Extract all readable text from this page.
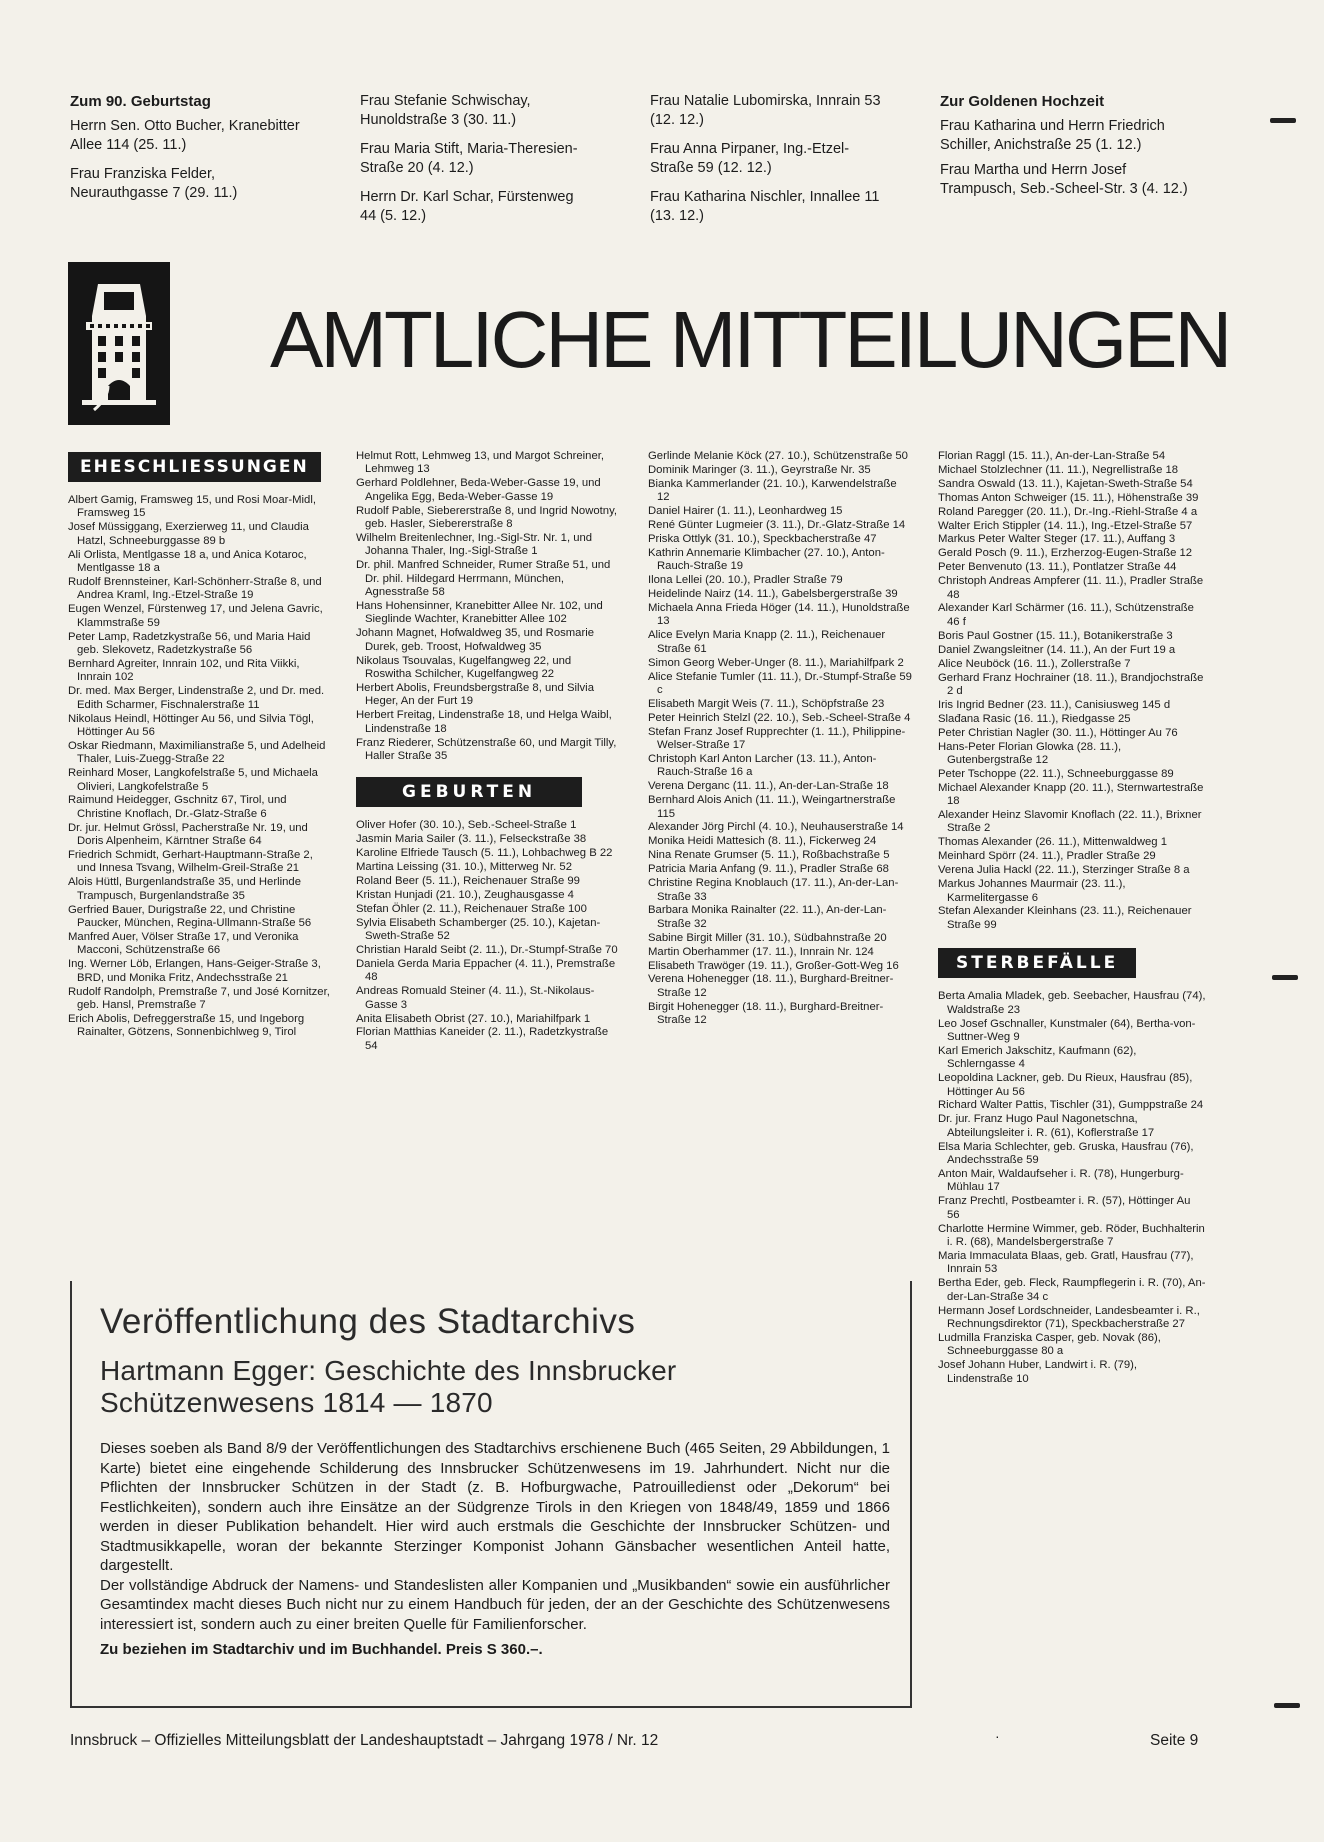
Zum 90. Geburtstag
Herrn Sen. Otto Bucher, Kranebitter Allee 114 (25. 11.)
Frau Franziska Felder, Neurauthgasse 7 (29. 11.)
Frau Stefanie Schwischay, Hunoldstraße 3 (30. 11.)
Frau Maria Stift, Maria-Theresien-Straße 20 (4. 12.)
Herrn Dr. Karl Schar, Fürstenweg 44 (5. 12.)
Frau Natalie Lubomirska, Innrain 53 (12. 12.)
Frau Anna Pirpaner, Ing.-Etzel-Straße 59 (12. 12.)
Frau Katharina Nischler, Innallee 11 (13. 12.)
Zur Goldenen Hochzeit
Frau Katharina und Herrn Friedrich Schiller, Anichstraße 25 (1. 12.)
Frau Martha und Herrn Josef Trampusch, Seb.-Scheel-Str. 3 (4. 12.)
AMTLICHE MITTEILUNGEN
EHESCHLIESSUNGEN

Albert Gamig, Framsweg 15, und Rosi Moar-Midl, Framsweg 15

Josef Müssiggang, Exerzierweg 11, und Claudia Hatzl, Schneeburggasse 89 b

Ali Orlista, Mentlgasse 18 a, und Anica Kotaroc, Mentlgasse 18 a

Rudolf Brennsteiner, Karl-Schönherr-Straße 8, und Andrea Kraml, Ing.-Etzel-Straße 19

Eugen Wenzel, Fürstenweg 17, und Jelena Gavric, Klammstraße 59

Peter Lamp, Radetzkystraße 56, und Maria Haid geb. Slekovetz, Radetzkystraße 56

Bernhard Agreiter, Innrain 102, und Rita Viikki, Innrain 102

Dr. med. Max Berger, Lindenstraße 2, und Dr. med. Edith Scharmer, Fischnalerstraße 11

Nikolaus Heindl, Höttinger Au 56, und Silvia Tögl, Höttinger Au 56

Oskar Riedmann, Maximilianstraße 5, und Adelheid Thaler, Luis-Zuegg-Straße 22

Reinhard Moser, Langkofelstraße 5, und Michaela Olivieri, Langkofelstraße 5

Raimund Heidegger, Gschnitz 67, Tirol, und Christine Knoflach, Dr.-Glatz-Straße 6

Dr. jur. Helmut Grössl, Pacherstraße Nr. 19, und Doris Alpenheim, Kärntner Straße 64

Friedrich Schmidt, Gerhart-Hauptmann-Straße 2, und Innesa Tsvang, Wilhelm-Greil-Straße 21

Alois Hüttl, Burgenlandstraße 35, und Herlinde Trampusch, Burgenlandstraße 35

Gerfried Bauer, Durigstraße 22, und Christine Paucker, München, Regina-Ullmann-Straße 56

Manfred Auer, Völser Straße 17, und Veronika Macconi, Schützenstraße 66

Ing. Werner Löb, Erlangen, Hans-Geiger-Straße 3, BRD, und Monika Fritz, Andechsstraße 21

Rudolf Randolph, Premstraße 7, und José Kornitzer, geb. Hansl, Premstraße 7

Erich Abolis, Defreggerstraße 15, und Ingeborg Rainalter, Götzens, Sonnenbichlweg 9, Tirol

Helmut Rott, Lehmweg 13, und Margot Schreiner, Lehmweg 13

Gerhard Poldlehner, Beda-Weber-Gasse 19, und Angelika Egg, Beda-Weber-Gasse 19

Rudolf Pable, Siebererstraße 8, und Ingrid Nowotny, geb. Hasler, Siebererstraße 8

Wilhelm Breitenlechner, Ing.-Sigl-Str. Nr. 1, und Johanna Thaler, Ing.-Sigl-Straße 1

Dr. phil. Manfred Schneider, Rumer Straße 51, und Dr. phil. Hildegard Herrmann, München, Agnesstraße 58

Hans Hohensinner, Kranebitter Allee Nr. 102, und Sieglinde Wachter, Kranebitter Allee 102

Johann Magnet, Hofwaldweg 35, und Rosmarie Durek, geb. Troost, Hofwaldweg 35

Nikolaus Tsouvalas, Kugelfangweg 22, und Roswitha Schilcher, Kugelfangweg 22

Herbert Abolis, Freundsbergstraße 8, und Silvia Heger, An der Furt 19

Herbert Freitag, Lindenstraße 18, und Helga Waibl, Lindenstraße 18

Franz Riederer, Schützenstraße 60, und Margit Tilly, Haller Straße 35

GEBURTEN

Oliver Hofer (30. 10.), Seb.-Scheel-Straße 1

Jasmin Maria Sailer (3. 11.), Felseckstraße 38

Karoline Elfriede Tausch (5. 11.), Lohbachweg B 22

Martina Leissing (31. 10.), Mitterweg Nr. 52

Roland Beer (5. 11.), Reichenauer Straße 99

Kristan Hunjadi (21. 10.), Zeughausgasse 4

Stefan Öhler (2. 11.), Reichenauer Straße 100

Sylvia Elisabeth Schamberger (25. 10.), Kajetan-Sweth-Straße 52

Christian Harald Seibt (2. 11.), Dr.-Stumpf-Straße 70

Daniela Gerda Maria Eppacher (4. 11.), Premstraße 48

Andreas Romuald Steiner (4. 11.), St.-Nikolaus-Gasse 3

Anita Elisabeth Obrist (27. 10.), Mariahilfpark 1

Florian Matthias Kaneider (2. 11.), Radetzkystraße 54

Gerlinde Melanie Köck (27. 10.), Schützenstraße 50

Dominik Maringer (3. 11.), Geyrstraße Nr. 35

Bianka Kammerlander (21. 10.), Karwendelstraße 12

Daniel Hairer (1. 11.), Leonhardweg 15

René Günter Lugmeier (3. 11.), Dr.-Glatz-Straße 14

Priska Ottlyk (31. 10.), Speckbacherstraße 47

Kathrin Annemarie Klimbacher (27. 10.), Anton-Rauch-Straße 19

Ilona Lellei (20. 10.), Pradler Straße 79

Heidelinde Nairz (14. 11.), Gabelsbergerstraße 39

Michaela Anna Frieda Höger (14. 11.), Hunoldstraße 13

Alice Evelyn Maria Knapp (2. 11.), Reichenauer Straße 61

Simon Georg Weber-Unger (8. 11.), Mariahilfpark 2

Alice Stefanie Tumler (11. 11.), Dr.-Stumpf-Straße 59 c

Elisabeth Margit Weis (7. 11.), Schöpfstraße 23

Peter Heinrich Stelzl (22. 10.), Seb.-Scheel-Straße 4

Stefan Franz Josef Rupprechter (1. 11.), Philippine-Welser-Straße 17

Christoph Karl Anton Larcher (13. 11.), Anton-Rauch-Straße 16 a

Verena Derganc (11. 11.), An-der-Lan-Straße 18

Bernhard Alois Anich (11. 11.), Weingartnerstraße 115

Alexander Jörg Pirchl (4. 10.), Neuhauserstraße 14

Monika Heidi Mattesich (8. 11.), Fickerweg 24

Nina Renate Grumser (5. 11.), Roßbachstraße 5

Patricia Maria Anfang (9. 11.), Pradler Straße 68

Christine Regina Knoblauch (17. 11.), An-der-Lan-Straße 33

Barbara Monika Rainalter (22. 11.), An-der-Lan-Straße 32

Sabine Birgit Miller (31. 10.), Südbahnstraße 20

Martin Oberhammer (17. 11.), Innrain Nr. 124

Elisabeth Trawöger (19. 11.), Großer-Gott-Weg 16

Verena Hohenegger (18. 11.), Burghard-Breitner-Straße 12

Birgit Hohenegger (18. 11.), Burghard-Breitner-Straße 12

Florian Raggl (15. 11.), An-der-Lan-Straße 54

Michael Stolzlechner (11. 11.), Negrellistraße 18

Sandra Oswald (13. 11.), Kajetan-Sweth-Straße 54

Thomas Anton Schweiger (15. 11.), Höhenstraße 39

Roland Paregger (20. 11.), Dr.-Ing.-Riehl-Straße 4 a

Walter Erich Stippler (14. 11.), Ing.-Etzel-Straße 57

Markus Peter Walter Steger (17. 11.), Auffang 3

Gerald Posch (9. 11.), Erzherzog-Eugen-Straße 12

Peter Benvenuto (13. 11.), Pontlatzer Straße 44

Christoph Andreas Ampferer (11. 11.), Pradler Straße 48

Alexander Karl Schärmer (16. 11.), Schützenstraße 46 f

Boris Paul Gostner (15. 11.), Botanikerstraße 3

Daniel Zwangsleitner (14. 11.), An der Furt 19 a

Alice Neuböck (16. 11.), Zollerstraße 7

Gerhard Franz Hochrainer (18. 11.), Brandjochstraße 2 d

Iris Ingrid Bedner (23. 11.), Canisiusweg 145 d

Slađana Rasic (16. 11.), Riedgasse 25

Peter Christian Nagler (30. 11.), Höttinger Au 76

Hans-Peter Florian Glowka (28. 11.), Gutenbergstraße 12

Peter Tschoppe (22. 11.), Schneeburggasse 89

Michael Alexander Knapp (20. 11.), Sternwartestraße 18

Alexander Heinz Slavomir Knoflach (22. 11.), Brixner Straße 2

Thomas Alexander (26. 11.), Mittenwaldweg 1

Meinhard Spörr (24. 11.), Pradler Straße 29

Verena Julia Hackl (22. 11.), Sterzinger Straße 8 a

Markus Johannes Maurmair (23. 11.), Karmelitergasse 6

Stefan Alexander Kleinhans (23. 11.), Reichenauer Straße 99

STERBEFÄLLE

Berta Amalia Mladek, geb. Seebacher, Hausfrau (74), Waldstraße 23

Leo Josef Gschnaller, Kunstmaler (64), Bertha-von-Suttner-Weg 9

Karl Emerich Jakschitz, Kaufmann (62), Schlerngasse 4

Leopoldina Lackner, geb. Du Rieux, Hausfrau (85), Höttinger Au 56

Richard Walter Pattis, Tischler (31), Gumppstraße 24

Dr. jur. Franz Hugo Paul Nagonetschna, Abteilungsleiter i. R. (61), Koflerstraße 17

Elsa Maria Schlechter, geb. Gruska, Hausfrau (76), Andechsstraße 59

Anton Mair, Waldaufseher i. R. (78), Hungerburg-Mühlau 17

Franz Prechtl, Postbeamter i. R. (57), Höttinger Au 56

Charlotte Hermine Wimmer, geb. Röder, Buchhalterin i. R. (68), Mandelsbergerstraße 7

Maria Immaculata Blaas, geb. Gratl, Hausfrau (77), Innrain 53

Bertha Eder, geb. Fleck, Raumpflegerin i. R. (70), An-der-Lan-Straße 34 c

Hermann Josef Lordschneider, Landesbeamter i. R., Rechnungsdirektor (71), Speckbacherstraße 27

Ludmilla Franziska Casper, geb. Novak (86), Schneeburggasse 80 a

Josef Johann Huber, Landwirt i. R. (79), Lindenstraße 10

Veröffentlichung des Stadtarchivs
Hartmann Egger: Geschichte des Innsbrucker Schützenwesens 1814 — 1870

Dieses soeben als Band 8/9 der Veröffentlichungen des Stadtarchivs erschienene Buch (465 Seiten, 29 Abbildungen, 1 Karte) bietet eine eingehende Schilderung des Innsbrucker Schützenwesens im 19. Jahrhundert. Nicht nur die Pflichten der Innsbrucker Schützen in der Stadt (z. B. Hofburgwache, Patrouilledienst oder „Dekorum“ bei Festlichkeiten), sondern auch ihre Einsätze an der Südgrenze Tirols in den Kriegen von 1848/49, 1859 und 1866 werden in dieser Publikation behandelt. Hier wird auch erstmals die Geschichte der Innsbrucker Schützen- und Stadtmusikkapelle, woran der bekannte Sterzinger Komponist Johann Gänsbacher wesentlichen Anteil hatte, dargestellt.

Der vollständige Abdruck der Namens- und Standeslisten aller Kompanien und „Musikbanden“ sowie ein ausführlicher Gesamtindex macht dieses Buch nicht nur zu einem Handbuch für jeden, der an der Geschichte des Schützenwesens interessiert ist, sondern auch zu einer breiten Quelle für Familienforscher.

Zu beziehen im Stadtarchiv und im Buchhandel. Preis S 360.–.

Innsbruck – Offizielles Mitteilungsblatt der Landeshauptstadt – Jahrgang 1978 / Nr. 12	·	Seite 9
